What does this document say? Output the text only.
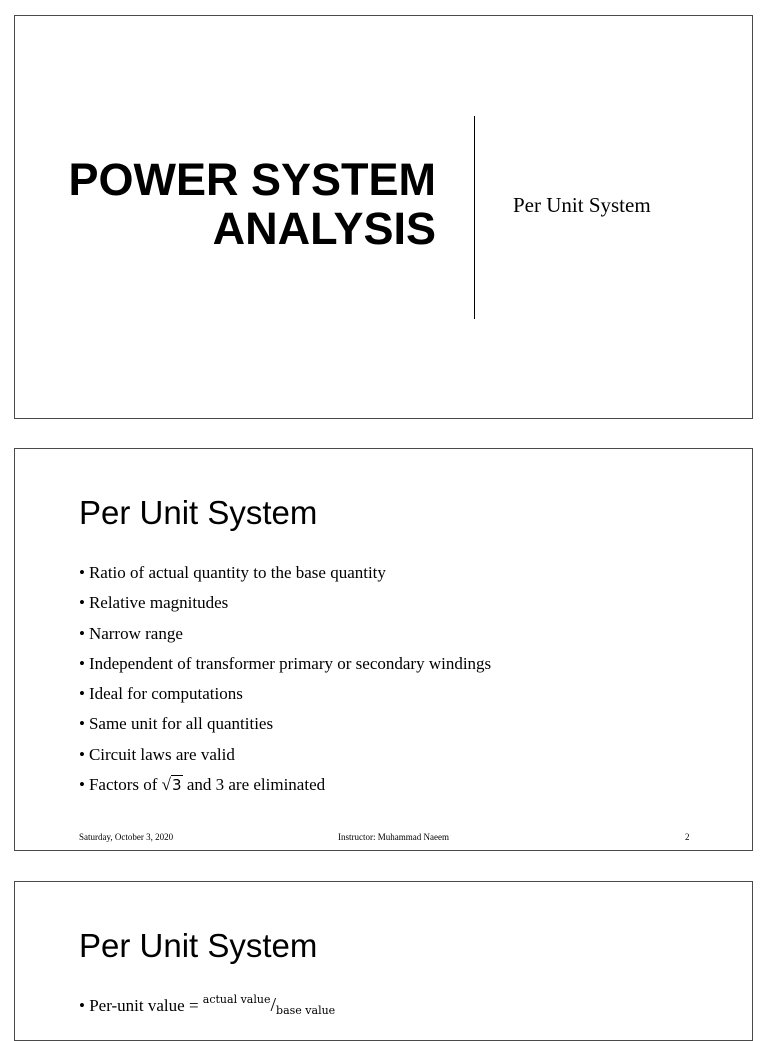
POWER SYSTEM
ANALYSIS	Per Unit System
Per Unit System
• Ratio of actual quantity to the base quantity
• Relative magnitudes
• Narrow range
• Independent of transformer primary or secondary windings
• Ideal for computations
• Same unit for all quantities
• Circuit laws are valid
• Factors of √3 and 3 are eliminated
Saturday, October 3, 2020	Instructor: Muhammad Naeem	2
Per Unit System
• Per-unit value = $^{actual value}$/base value
